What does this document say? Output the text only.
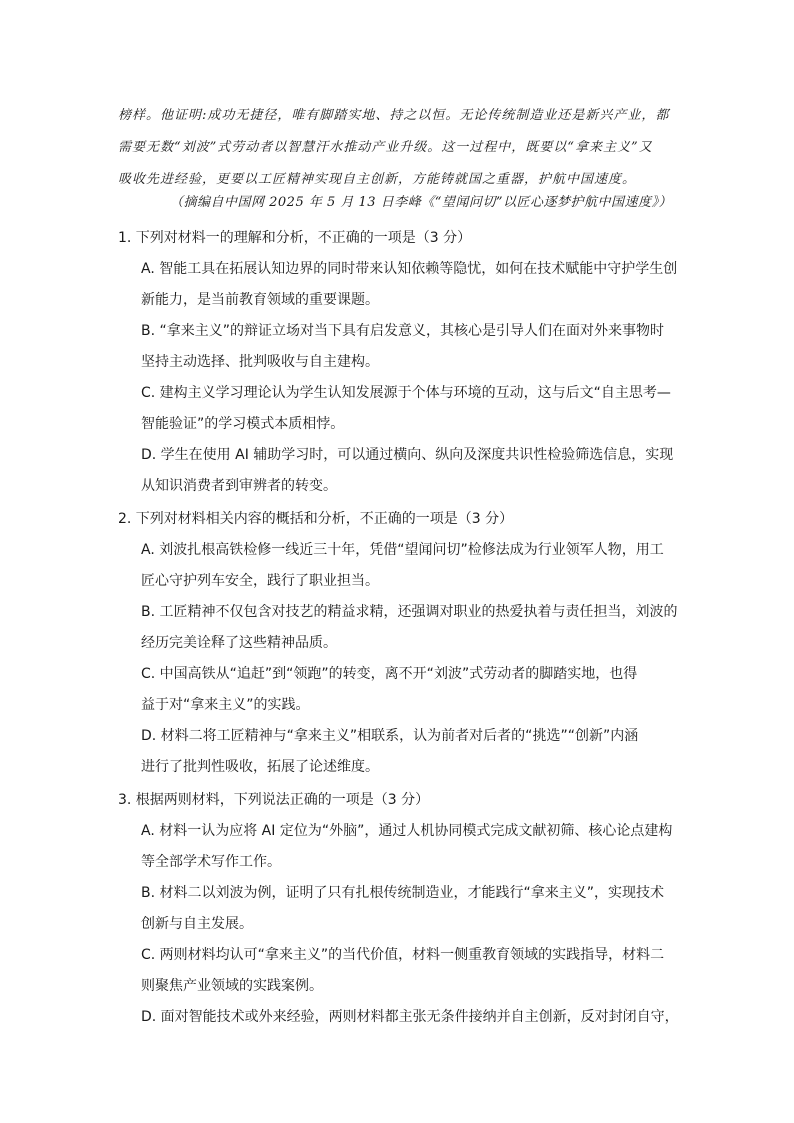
榜样。他证明:成功无捷径，唯有脚踏实地、持之以恒。无论传统制造业还是新兴产业，都
需要无数“刘波”式劳动者以智慧汗水推动产业升级。这一过程中，既要以“拿来主义”又
吸收先进经验，更要以工匠精神实现自主创新，方能铸就国之重器，护航中国速度。
（摘编自中国网 2025 年 5 月 13 日李峰《“望闻问切”以匠心逐梦护航中国速度》）
1. 下列对材料一的理解和分析，不正确的一项是（3 分）
A. 智能工具在拓展认知边界的同时带来认知依赖等隐忧，如何在技术赋能中守护学生创
新能力，是当前教育领域的重要课题。
B. “拿来主义”的辩证立场对当下具有启发意义，其核心是引导人们在面对外来事物时
坚持主动选择、批判吸收与自主建构。
C. 建构主义学习理论认为学生认知发展源于个体与环境的互动，这与后文“自主思考—
智能验证”的学习模式本质相悖。
D. 学生在使用 AI 辅助学习时，可以通过横向、纵向及深度共识性检验筛选信息，实现
从知识消费者到审辨者的转变。
2. 下列对材料相关内容的概括和分析，不正确的一项是（3 分）
A. 刘波扎根高铁检修一线近三十年，凭借“望闻问切”检修法成为行业领军人物，用工
匠心守护列车安全，践行了职业担当。
B. 工匠精神不仅包含对技艺的精益求精，还强调对职业的热爱执着与责任担当，刘波的
经历完美诠释了这些精神品质。
C. 中国高铁从“追赶”到“领跑”的转变，离不开“刘波”式劳动者的脚踏实地，也得
益于对“拿来主义”的实践。
D. 材料二将工匠精神与“拿来主义”相联系，认为前者对后者的“挑选”“创新”内涵
进行了批判性吸收，拓展了论述维度。
3. 根据两则材料，下列说法正确的一项是（3 分）
A. 材料一认为应将 AI 定位为“外脑”，通过人机协同模式完成文献初筛、核心论点建构
等全部学术写作工作。
B. 材料二以刘波为例，证明了只有扎根传统制造业，才能践行“拿来主义”，实现技术
创新与自主发展。
C. 两则材料均认可“拿来主义”的当代价值，材料一侧重教育领域的实践指导，材料二
则聚焦产业领域的实践案例。
D. 面对智能技术或外来经验，两则材料都主张无条件接纳并自主创新，反对封闭自守，
